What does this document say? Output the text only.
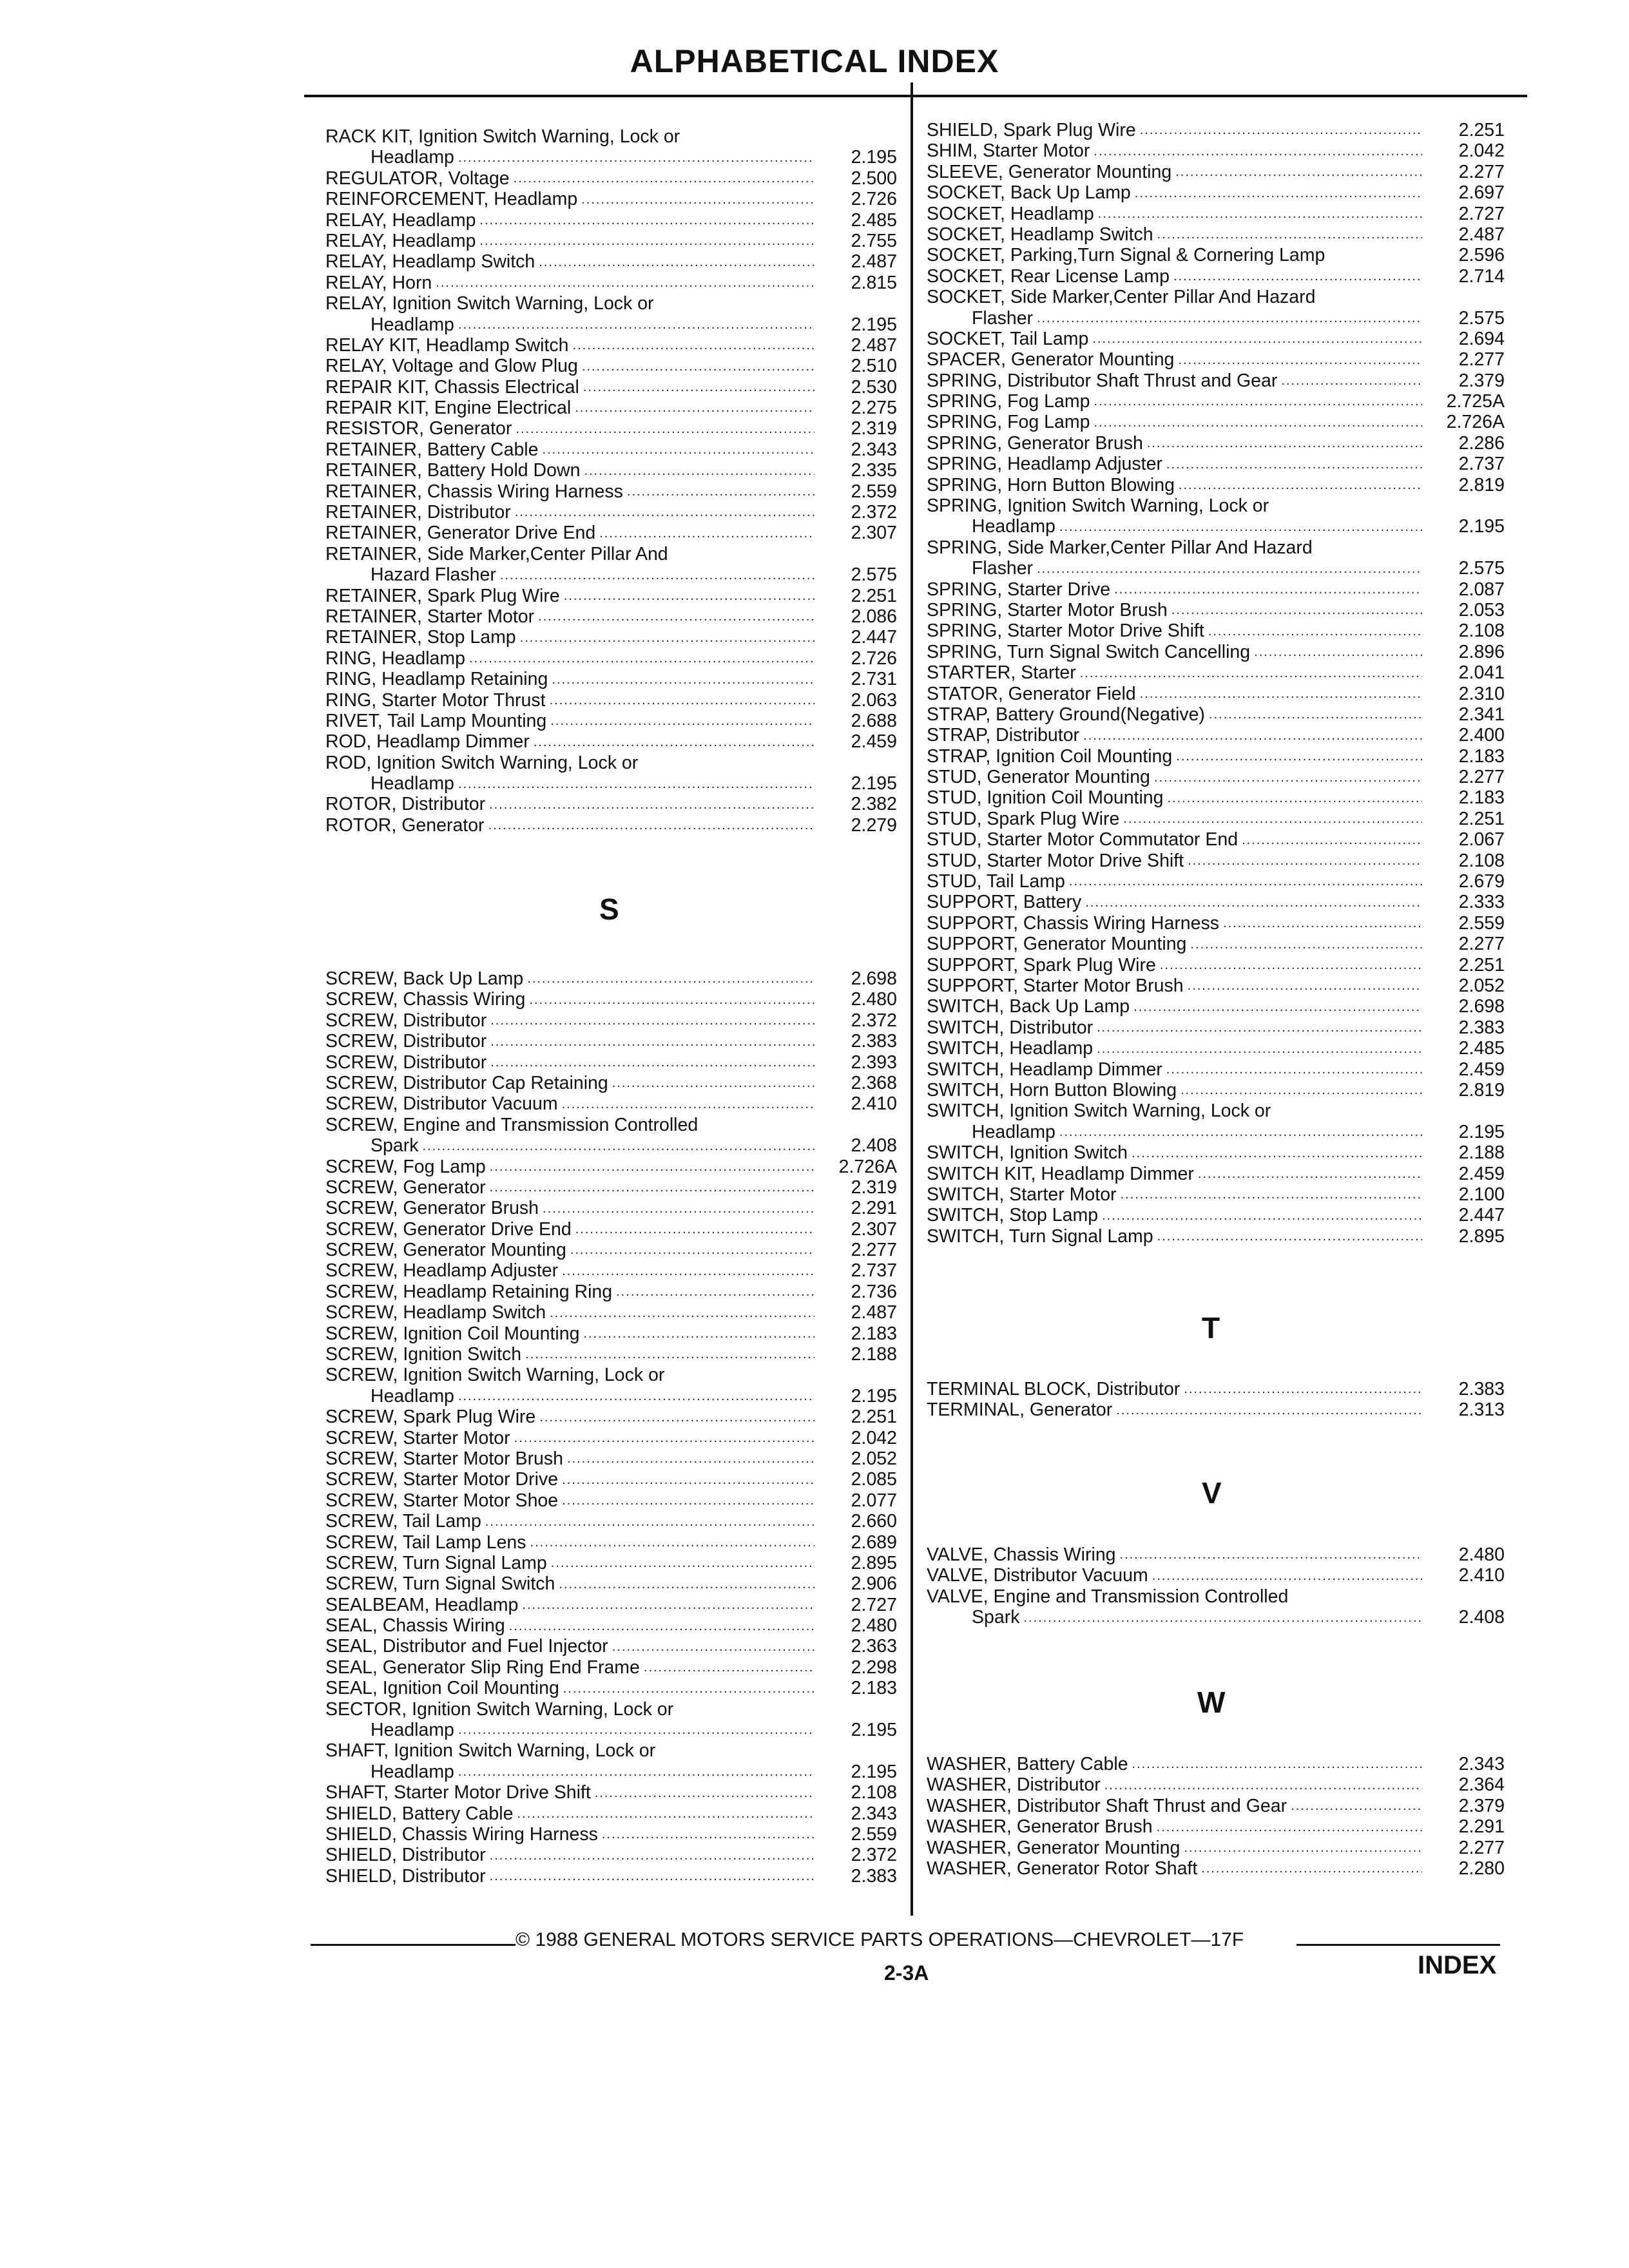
ALPHABETICAL INDEX
RACK KIT, Ignition Switch Warning, Lock or
Headlamp .....	2.195
REGULATOR, Voltage .....	2.500
REINFORCEMENT, Headlamp .....	2.726
RELAY, Headlamp .....	2.485
RELAY, Headlamp .....	2.755
RELAY, Headlamp Switch .....	2.487
RELAY, Horn .....	2.815
RELAY, Ignition Switch Warning, Lock or
Headlamp .....	2.195
RELAY KIT, Headlamp Switch .....	2.487
RELAY, Voltage and Glow Plug .....	2.510
REPAIR KIT, Chassis Electrical .....	2.530
REPAIR KIT, Engine Electrical .....	2.275
RESISTOR, Generator .....	2.319
RETAINER, Battery Cable .....	2.343
RETAINER, Battery Hold Down .....	2.335
RETAINER, Chassis Wiring Harness .....	2.559
RETAINER, Distributor .....	2.372
RETAINER, Generator Drive End .....	2.307
RETAINER, Side Marker,Center Pillar And
Hazard Flasher .....	2.575
RETAINER, Spark Plug Wire .....	2.251
RETAINER, Starter Motor .....	2.086
RETAINER, Stop Lamp .....	2.447
RING, Headlamp .....	2.726
RING, Headlamp Retaining .....	2.731
RING, Starter Motor Thrust .....	2.063
RIVET, Tail Lamp Mounting .....	2.688
ROD, Headlamp Dimmer .....	2.459
ROD, Ignition Switch Warning, Lock or
Headlamp .....	2.195
ROTOR, Distributor .....	2.382
ROTOR, Generator .....	2.279
S
SCREW, Back Up Lamp .....	2.698
SCREW, Chassis Wiring .....	2.480
SCREW, Distributor .....	2.372
SCREW, Distributor .....	2.383
SCREW, Distributor .....	2.393
SCREW, Distributor Cap Retaining .....	2.368
SCREW, Distributor Vacuum .....	2.410
SCREW, Engine and Transmission Controlled
Spark .....	2.408
SCREW, Fog Lamp .....	2.726A
SCREW, Generator .....	2.319
SCREW, Generator Brush .....	2.291
SCREW, Generator Drive End .....	2.307
SCREW, Generator Mounting .....	2.277
SCREW, Headlamp Adjuster .....	2.737
SCREW, Headlamp Retaining Ring .....	2.736
SCREW, Headlamp Switch .....	2.487
SCREW, Ignition Coil Mounting .....	2.183
SCREW, Ignition Switch .....	2.188
SCREW, Ignition Switch Warning, Lock or
Headlamp .....	2.195
SCREW, Spark Plug Wire .....	2.251
SCREW, Starter Motor .....	2.042
SCREW, Starter Motor Brush .....	2.052
SCREW, Starter Motor Drive .....	2.085
SCREW, Starter Motor Shoe .....	2.077
SCREW, Tail Lamp .....	2.660
SCREW, Tail Lamp Lens .....	2.689
SCREW, Turn Signal Lamp .....	2.895
SCREW, Turn Signal Switch .....	2.906
SEALBEAM, Headlamp .....	2.727
SEAL, Chassis Wiring .....	2.480
SEAL, Distributor and Fuel Injector .....	2.363
SEAL, Generator Slip Ring End Frame .....	2.298
SEAL, Ignition Coil Mounting .....	2.183
SECTOR, Ignition Switch Warning, Lock or
Headlamp .....	2.195
SHAFT, Ignition Switch Warning, Lock or
Headlamp .....	2.195
SHAFT, Starter Motor Drive Shift .....	2.108
SHIELD, Battery Cable .....	2.343
SHIELD, Chassis Wiring Harness .....	2.559
SHIELD, Distributor .....	2.372
SHIELD, Distributor .....	2.383
SHIELD, Spark Plug Wire .....	2.251
SHIM, Starter Motor .....	2.042
SLEEVE, Generator Mounting .....	2.277
SOCKET, Back Up Lamp .....	2.697
SOCKET, Headlamp .....	2.727
SOCKET, Headlamp Switch .....	2.487
SOCKET, Parking,Turn Signal & Cornering Lamp	2.596
SOCKET, Rear License Lamp .....	2.714
SOCKET, Side Marker,Center Pillar And Hazard
Flasher .....	2.575
SOCKET, Tail Lamp .....	2.694
SPACER, Generator Mounting .....	2.277
SPRING, Distributor Shaft Thrust and Gear .....	2.379
SPRING, Fog Lamp .....	2.725A
SPRING, Fog Lamp .....	2.726A
SPRING, Generator Brush .....	2.286
SPRING, Headlamp Adjuster .....	2.737
SPRING, Horn Button Blowing .....	2.819
SPRING, Ignition Switch Warning, Lock or
Headlamp .....	2.195
SPRING, Side Marker,Center Pillar And Hazard
Flasher .....	2.575
SPRING, Starter Drive .....	2.087
SPRING, Starter Motor Brush .....	2.053
SPRING, Starter Motor Drive Shift .....	2.108
SPRING, Turn Signal Switch Cancelling .....	2.896
STARTER, Starter .....	2.041
STATOR, Generator Field .....	2.310
STRAP, Battery Ground(Negative) .....	2.341
STRAP, Distributor .....	2.400
STRAP, Ignition Coil Mounting .....	2.183
STUD, Generator Mounting .....	2.277
STUD, Ignition Coil Mounting .....	2.183
STUD, Spark Plug Wire .....	2.251
STUD, Starter Motor Commutator End .....	2.067
STUD, Starter Motor Drive Shift .....	2.108
STUD, Tail Lamp .....	2.679
SUPPORT, Battery .....	2.333
SUPPORT, Chassis Wiring Harness .....	2.559
SUPPORT, Generator Mounting .....	2.277
SUPPORT, Spark Plug Wire .....	2.251
SUPPORT, Starter Motor Brush .....	2.052
SWITCH, Back Up Lamp .....	2.698
SWITCH, Distributor .....	2.383
SWITCH, Headlamp .....	2.485
SWITCH, Headlamp Dimmer .....	2.459
SWITCH, Horn Button Blowing .....	2.819
SWITCH, Ignition Switch Warning, Lock or
Headlamp .....	2.195
SWITCH, Ignition Switch .....	2.188
SWITCH KIT, Headlamp Dimmer .....	2.459
SWITCH, Starter Motor .....	2.100
SWITCH, Stop Lamp .....	2.447
SWITCH, Turn Signal Lamp .....	2.895
T
TERMINAL BLOCK, Distributor .....	2.383
TERMINAL, Generator .....	2.313
V
VALVE, Chassis Wiring .....	2.480
VALVE, Distributor Vacuum .....	2.410
VALVE, Engine and Transmission Controlled
Spark .....	2.408
W
WASHER, Battery Cable .....	2.343
WASHER, Distributor .....	2.364
WASHER, Distributor Shaft Thrust and Gear .....	2.379
WASHER, Generator Brush .....	2.291
WASHER, Generator Mounting .....	2.277
WASHER, Generator Rotor Shaft .....	2.280
© 1988 GENERAL MOTORS SERVICE PARTS OPERATIONS—CHEVROLET—17F
2-3A	INDEX
